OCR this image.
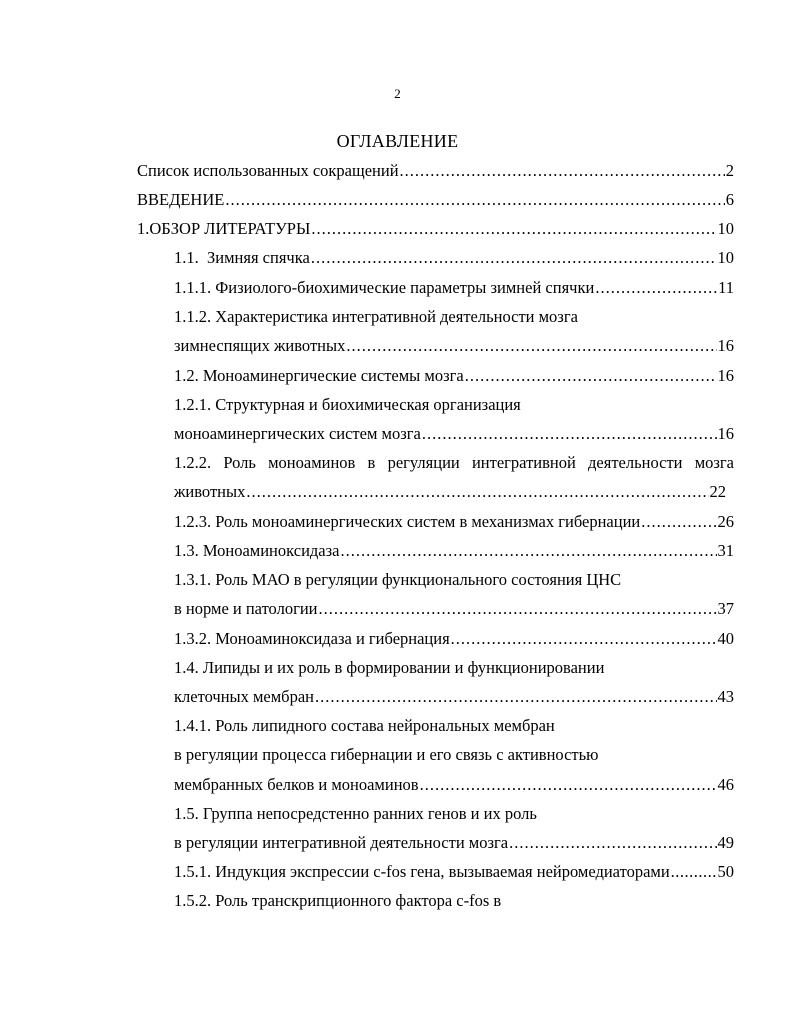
2
ОГЛАВЛЕНИЕ
Список использованных сокращений .....	2
ВВЕДЕНИЕ .....	6
1.ОБЗОР ЛИТЕРАТУРЫ .....	10
1.1.  Зимняя спячка .....	10
1.1.1. Физиолого-биохимические параметры зимней спячки .....	11
1.1.2. Характеристика интегративной деятельности мозга
зимнеспящих животных .....	16
1.2. Моноаминергические системы мозга .....	16
1.2.1. Структурная и биохимическая организация
моноаминергических систем мозга .....	16
1.2.2. Роль моноаминов в регуляции интегративной деятельности мозга
животных .....	22
1.2.3. Роль моноаминергических систем в механизмах гибернации .....	26
1.3. Моноаминоксидаза .....	31
1.3.1. Роль МАО в регуляции функционального состояния ЦНС
в норме и патологии .....	37
1.3.2. Моноаминоксидаза и гибернация .....	40
1.4. Липиды и их роль в формировании и функционировании
клеточных мембран .....	43
1.4.1. Роль липидного состава нейрональных мембран
в регуляции процесса гибернации и его связь с активностью
мембранных белков и моноаминов .....	46
1.5. Группа непосредстенно ранних генов и их роль
в регуляции интегративной деятельности мозга .....	49
1.5.1. Индукция экспрессии c-fos гена, вызываемая нейромедиаторами .....	50
1.5.2. Роль транскрипционного фактора c-fos в
